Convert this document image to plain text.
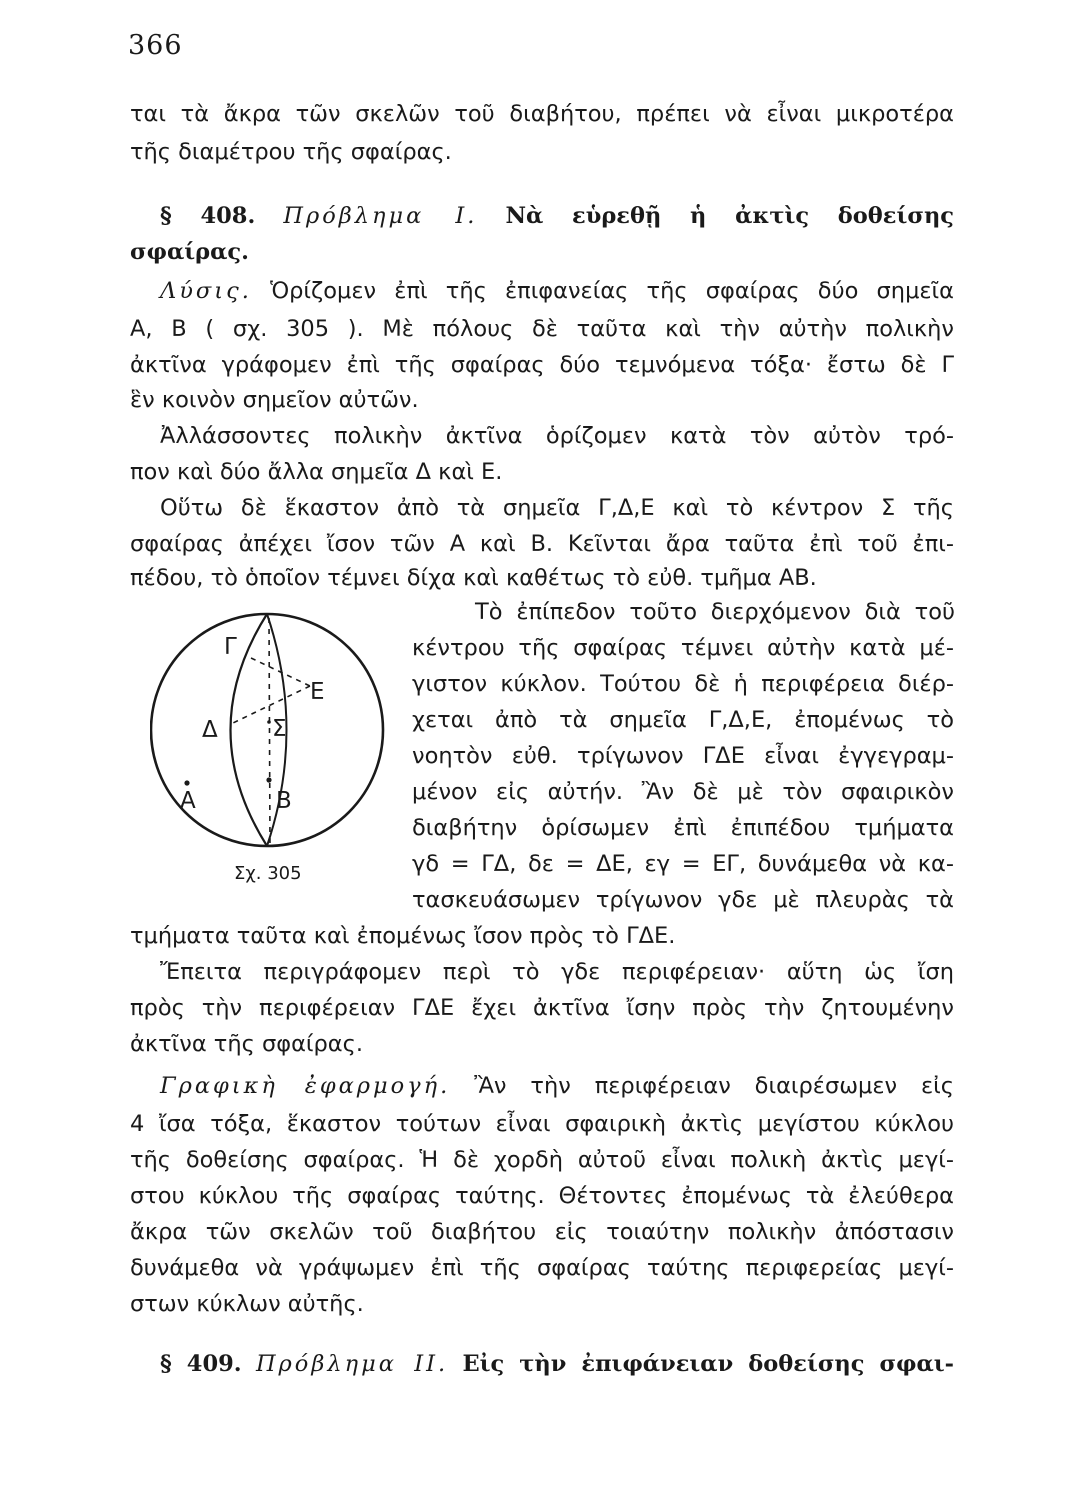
366
ται τὰ ἄκρα τῶν σκελῶν τοῦ διαβήτου, πρέπει νὰ εἶναι μικροτέρα
τῆς διαμέτρου τῆς σφαίρας.
§ 408. Πρόβλημα I. Νὰ εὑρεθῇ ἡ ἀκτὶς δοθείσης
σφαίρας.
Λύσις. Ὁρίζομεν ἐπὶ τῆς ἐπιφανείας τῆς σφαίρας δύο σημεῖα
Α, Β ( σχ. 305 ). Μὲ πόλους δὲ ταῦτα καὶ τὴν αὐτὴν πολικὴν
ἀκτῖνα γράφομεν ἐπὶ τῆς σφαίρας δύο τεμνόμενα τόξα· ἔστω δὲ Γ
ἓν κοινὸν σημεῖον αὐτῶν.
Ἀλλάσσοντες πολικὴν ἀκτῖνα ὁρίζομεν κατὰ τὸν αὐτὸν τρό-
πον καὶ δύο ἄλλα σημεῖα Δ καὶ Ε.
Οὕτω δὲ ἕκαστον ἀπὸ τὰ σημεῖα Γ,Δ,Ε καὶ τὸ κέντρον Σ τῆς
σφαίρας ἀπέχει ἴσον τῶν Α καὶ Β. Κεῖνται ἄρα ταῦτα ἐπὶ τοῦ ἐπι-
πέδου, τὸ ὁποῖον τέμνει δίχα καὶ καθέτως τὸ εὐθ. τμῆμα ΑΒ.
Τὸ ἐπίπεδον τοῦτο διερχόμενον διὰ τοῦ
κέντρου τῆς σφαίρας τέμνει αὐτὴν κατὰ μέ-
γιστον κύκλον. Τούτου δὲ ἡ περιφέρεια διέρ-
χεται ἀπὸ τὰ σημεῖα Γ,Δ,Ε, ἐπομένως τὸ
νοητὸν εὐθ. τρίγωνον ΓΔΕ εἶναι ἐγγεγραμ-
μένον εἰς αὐτήν. Ἂν δὲ μὲ τὸν σφαιρικὸν
διαβήτην ὁρίσωμεν ἐπὶ ἐπιπέδου τμήματα
γδ = ΓΔ, δε = ΔΕ, εγ = ΕΓ, δυνάμεθα νὰ κα-
τασκευάσωμεν τρίγωνον γδε μὲ πλευρὰς τὰ
Γ
Ε
Δ Σ
Α	Β
Σχ. 305
τμήματα ταῦτα καὶ ἐπομένως ἴσον πρὸς τὸ ΓΔΕ.
Ἔπειτα περιγράφομεν περὶ τὸ γδε περιφέρειαν· αὕτη ὡς ἴση
πρὸς τὴν περιφέρειαν ΓΔΕ ἔχει ἀκτῖνα ἴσην πρὸς τὴν ζητουμένην
ἀκτῖνα τῆς σφαίρας.
Γραφικὴ ἐφαρμογή. Ἂν τὴν περιφέρειαν διαιρέσωμεν εἰς
4 ἴσα τόξα, ἕκαστον τούτων εἶναι σφαιρικὴ ἀκτὶς μεγίστου κύκλου
τῆς δοθείσης σφαίρας. Ἡ δὲ χορδὴ αὐτοῦ εἶναι πολικὴ ἀκτὶς μεγί-
στου κύκλου τῆς σφαίρας ταύτης. Θέτοντες ἐπομένως τὰ ἐλεύθερα
ἄκρα τῶν σκελῶν τοῦ διαβήτου εἰς τοιαύτην πολικὴν ἀπόστασιν
δυνάμεθα νὰ γράψωμεν ἐπὶ τῆς σφαίρας ταύτης περιφερείας μεγί-
στων κύκλων αὐτῆς.
§ 409. Πρόβλημα II. Εἰς τὴν ἐπιφάνειαν δοθείσης σφαι-
